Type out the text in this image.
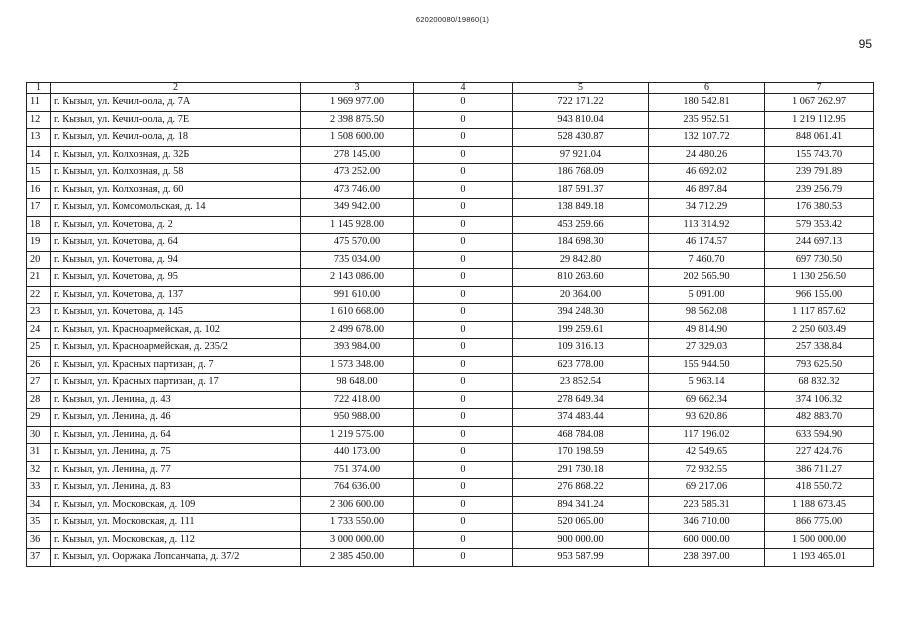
620200080/19860(1)
95
1	2	3	4	5	6	7
11	г. Кызыл, ул. Кечил-оола, д. 7А	1 969 977.00	0	722 171.22	180 542.81	1 067 262.97
12	г. Кызыл, ул. Кечил-оола, д. 7Е	2 398 875.50	0	943 810.04	235 952.51	1 219 112.95
13	г. Кызыл, ул. Кечил-оола, д. 18	1 508 600.00	0	528 430.87	132 107.72	848 061.41
14	г. Кызыл, ул. Колхозная, д. 32Б	278 145.00	0	97 921.04	24 480.26	155 743.70
15	г. Кызыл, ул. Колхозная, д. 58	473 252.00	0	186 768.09	46 692.02	239 791.89
16	г. Кызыл, ул. Колхозная, д. 60	473 746.00	0	187 591.37	46 897.84	239 256.79
17	г. Кызыл, ул. Комсомольская, д. 14	349 942.00	0	138 849.18	34 712.29	176 380.53
18	г. Кызыл, ул. Кочетова, д. 2	1 145 928.00	0	453 259.66	113 314.92	579 353.42
19	г. Кызыл, ул. Кочетова, д. 64	475 570.00	0	184 698.30	46 174.57	244 697.13
20	г. Кызыл, ул. Кочетова, д. 94	735 034.00	0	29 842.80	7 460.70	697 730.50
21	г. Кызыл, ул. Кочетова, д. 95	2 143 086.00	0	810 263.60	202 565.90	1 130 256.50
22	г. Кызыл, ул. Кочетова, д. 137	991 610.00	0	20 364.00	5 091.00	966 155.00
23	г. Кызыл, ул. Кочетова, д. 145	1 610 668.00	0	394 248.30	98 562.08	1 117 857.62
24	г. Кызыл, ул. Красноармейская, д. 102	2 499 678.00	0	199 259.61	49 814.90	2 250 603.49
25	г. Кызыл, ул. Красноармейская, д. 235/2	393 984.00	0	109 316.13	27 329.03	257 338.84
26	г. Кызыл, ул. Красных партизан, д. 7	1 573 348.00	0	623 778.00	155 944.50	793 625.50
27	г. Кызыл, ул. Красных партизан, д. 17	98 648.00	0	23 852.54	5 963.14	68 832.32
28	г. Кызыл, ул. Ленина, д. 43	722 418.00	0	278 649.34	69 662.34	374 106.32
29	г. Кызыл, ул. Ленина, д. 46	950 988.00	0	374 483.44	93 620.86	482 883.70
30	г. Кызыл, ул. Ленина, д. 64	1 219 575.00	0	468 784.08	117 196.02	633 594.90
31	г. Кызыл, ул. Ленина, д. 75	440 173.00	0	170 198.59	42 549.65	227 424.76
32	г. Кызыл, ул. Ленина, д. 77	751 374.00	0	291 730.18	72 932.55	386 711.27
33	г. Кызыл, ул. Ленина, д. 83	764 636.00	0	276 868.22	69 217.06	418 550.72
34	г. Кызыл, ул. Московская, д. 109	2 306 600.00	0	894 341.24	223 585.31	1 188 673.45
35	г. Кызыл, ул. Московская, д. 111	1 733 550.00	0	520 065.00	346 710.00	866 775.00
36	г. Кызыл, ул. Московская, д. 112	3 000 000.00	0	900 000.00	600 000.00	1 500 000.00
37	г. Кызыл, ул. Ооржака Лопсанчапа, д. 37/2	2 385 450.00	0	953 587.99	238 397.00	1 193 465.01
